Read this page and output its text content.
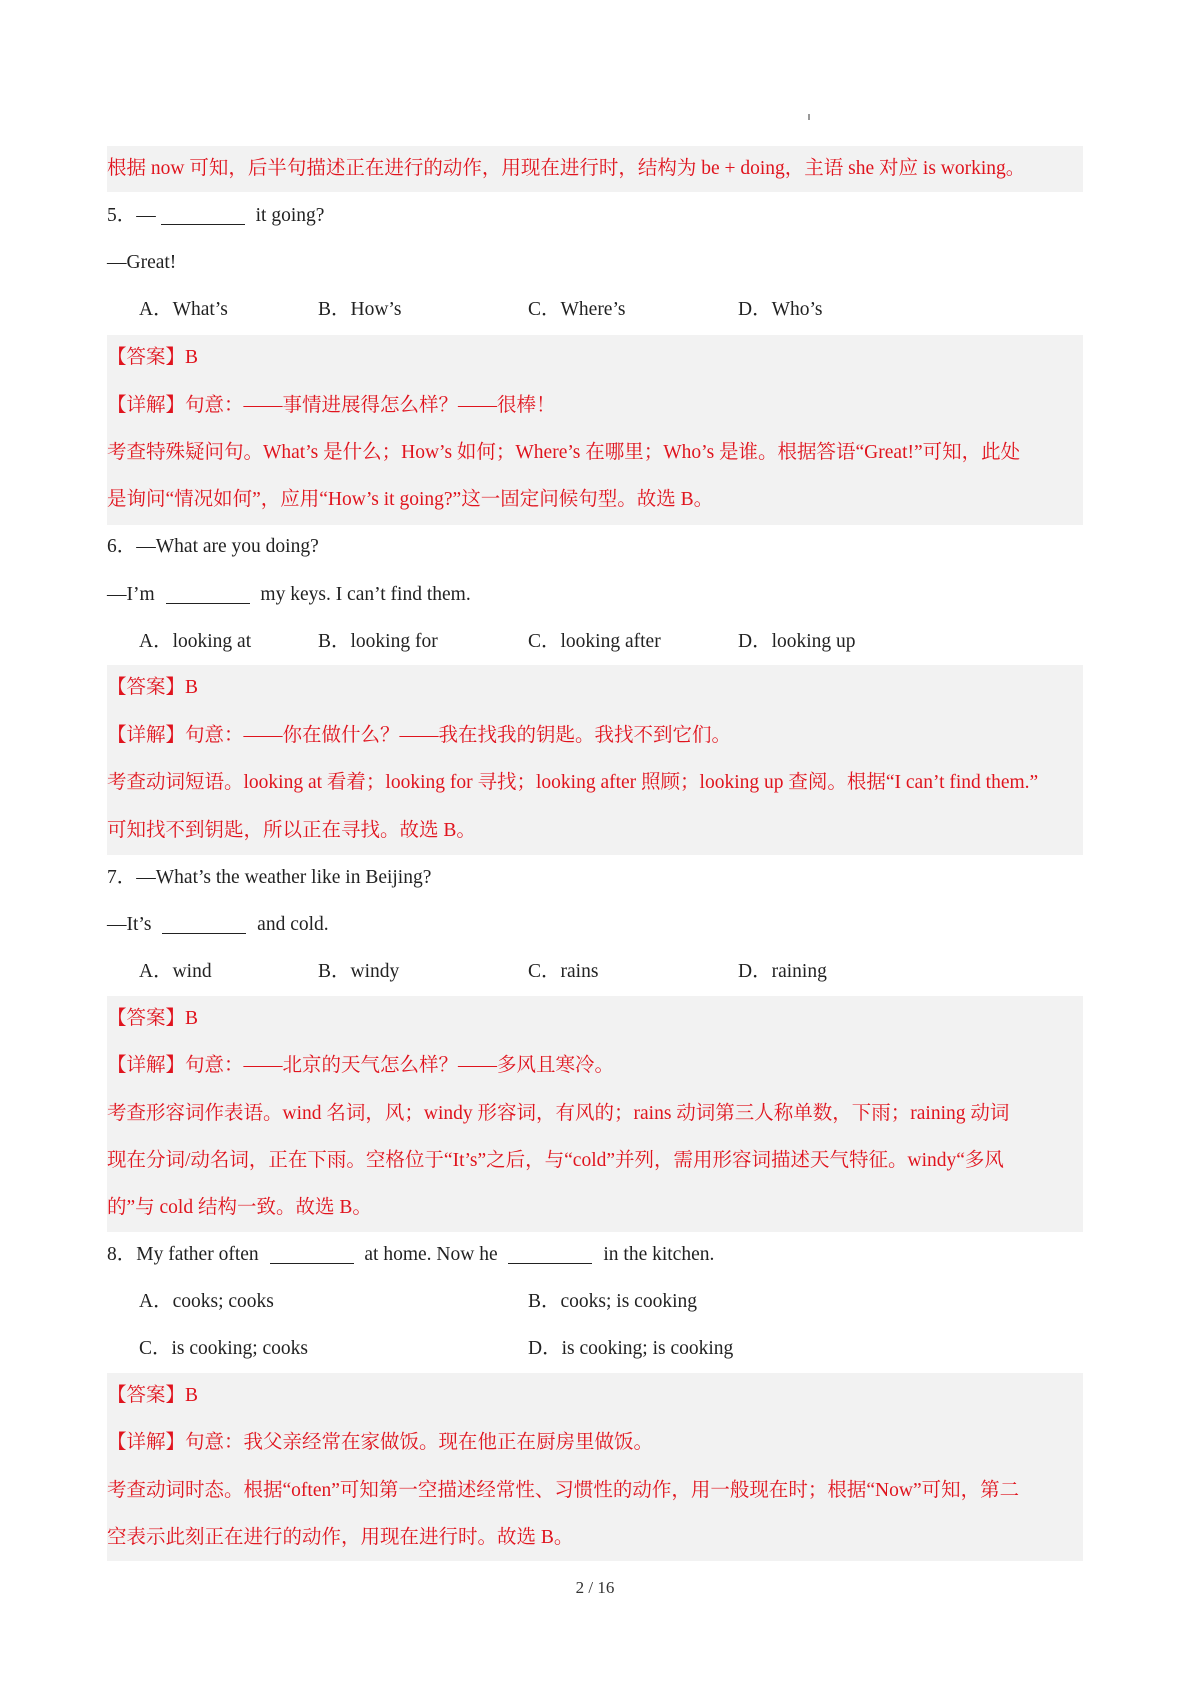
根据 now 可知，后半句描述正在进行的动作，用现在进行时，结构为 be + doing，主语 she 对应 is working。
5．—	it going?
—Great!
A．What’s	B．How’s	C．Where’s	D．Who’s
【答案】B
【详解】句意：——事情进展得怎么样？——很棒！
考查特殊疑问句。What’s 是什么；How’s 如何；Where’s 在哪里；Who’s 是谁。根据答语“Great!”可知，此处
是询问“情况如何”，应用“How’s it going?”这一固定问候句型。故选 B。
6．—What are you doing?
—I’m	my keys. I can’t find them.
A．looking at	B．looking for	C．looking after	D．looking up
【答案】B
【详解】句意：——你在做什么？——我在找我的钥匙。我找不到它们。
考查动词短语。looking at 看着；looking for 寻找；looking after 照顾；looking up 查阅。根据“I can’t find them.”
可知找不到钥匙，所以正在寻找。故选 B。
7．—What’s the weather like in Beijing?
—It’s	and cold.
A．wind	B．windy	C．rains	D．raining
【答案】B
【详解】句意：——北京的天气怎么样？——多风且寒冷。
考查形容词作表语。wind 名词，风；windy 形容词，有风的；rains 动词第三人称单数，下雨；raining 动词
现在分词/动名词，正在下雨。空格位于“It’s”之后，与“cold”并列，需用形容词描述天气特征。windy“多风
的”与 cold 结构一致。故选 B。
8．My father often	at home. Now he	in the kitchen.
A．cooks; cooks	B．cooks; is cooking
C．is cooking; cooks	D．is cooking; is cooking
【答案】B
【详解】句意：我父亲经常在家做饭。现在他正在厨房里做饭。
考查动词时态。根据“often”可知第一空描述经常性、习惯性的动作，用一般现在时；根据“Now”可知，第二
空表示此刻正在进行的动作，用现在进行时。故选 B。
2 / 16
